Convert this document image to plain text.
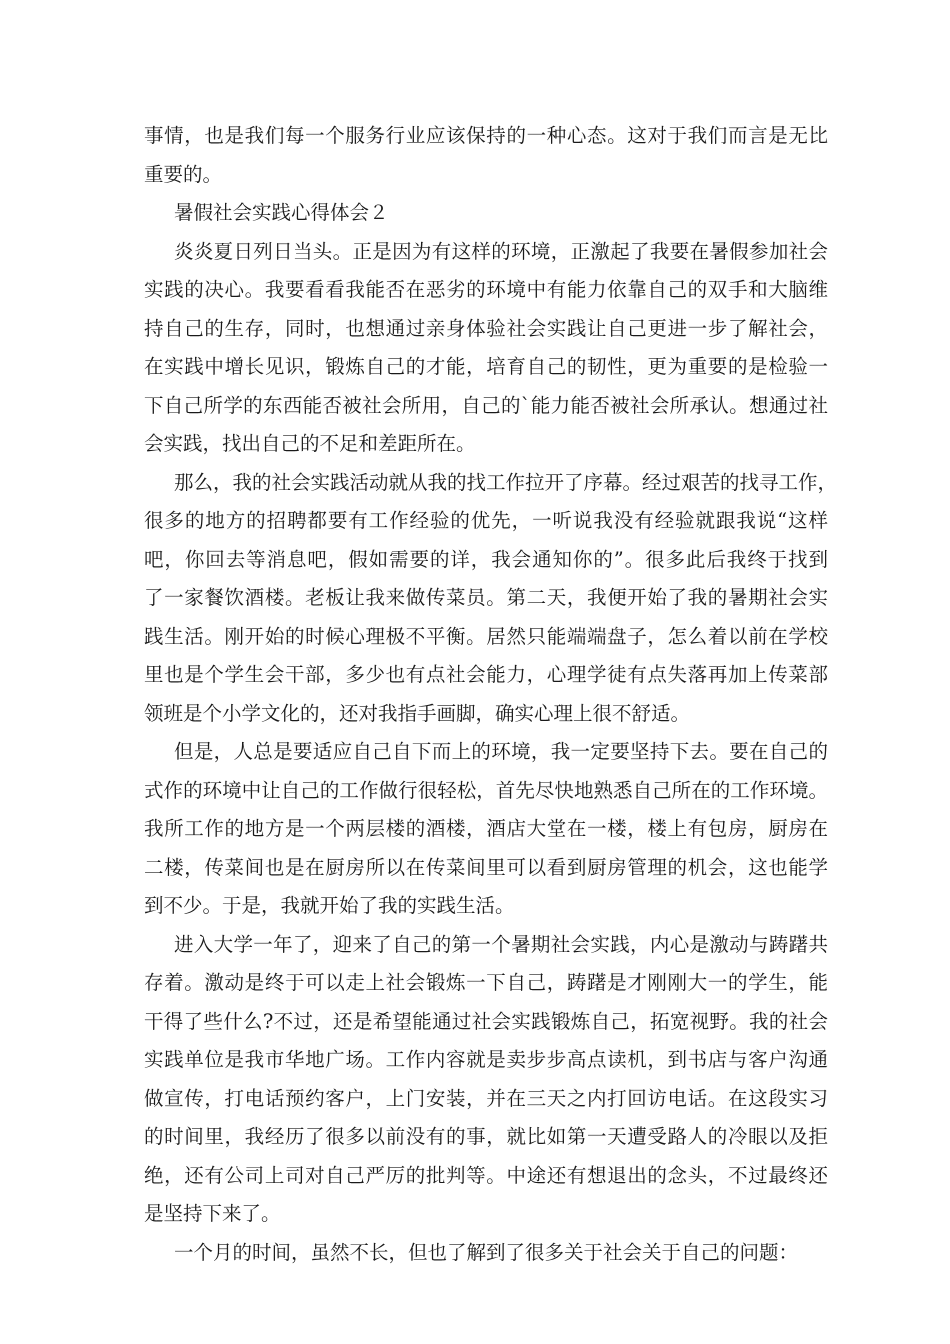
事情，也是我们每一个服务行业应该保持的一种心态。这对于我们而言是无比
重要的。
暑假社会实践心得体会２
炎炎夏日列日当头。正是因为有这样的环境，正激起了我要在暑假参加社会
实践的决心。我要看看我能否在恶劣的环境中有能力依靠自己的双手和大脑维
持自己的生存，同时，也想通过亲身体验社会实践让自己更进一步了解社会，
在实践中增长见识，锻炼自己的才能，培育自己的韧性，更为重要的是检验一
下自己所学的东西能否被社会所用，自己的`能力能否被社会所承认。想通过社
会实践，找出自己的不足和差距所在。
那么，我的社会实践活动就从我的找工作拉开了序幕。经过艰苦的找寻工作，
很多的地方的招聘都要有工作经验的优先，一听说我没有经验就跟我说“这样
吧，你回去等消息吧，假如需要的详，我会通知你的”。很多此后我终于找到
了一家餐饮酒楼。老板让我来做传菜员。第二天，我便开始了我的暑期社会实
践生活。刚开始的时候心理极不平衡。居然只能端端盘子，怎么着以前在学校
里也是个学生会干部，多少也有点社会能力，心理学徒有点失落再加上传菜部
领班是个小学文化的，还对我指手画脚，确实心理上很不舒适。
但是，人总是要适应自己自下而上的环境，我一定要坚持下去。要在自己的
式作的环境中让自己的工作做行很轻松，首先尽快地熟悉自己所在的工作环境。
我所工作的地方是一个两层楼的酒楼，酒店大堂在一楼，楼上有包房，厨房在
二楼，传菜间也是在厨房所以在传菜间里可以看到厨房管理的机会，这也能学
到不少。于是，我就开始了我的实践生活。
进入大学一年了，迎来了自己的第一个暑期社会实践，内心是激动与踌躇共
存着。激动是终于可以走上社会锻炼一下自己，踌躇是才刚刚大一的学生，能
干得了些什么?不过，还是希望能通过社会实践锻炼自己，拓宽视野。我的社会
实践单位是我市华地广场。工作内容就是卖步步高点读机，到书店与客户沟通
做宣传，打电话预约客户，上门安装，并在三天之内打回访电话。在这段实习
的时间里，我经历了很多以前没有的事，就比如第一天遭受路人的冷眼以及拒
绝，还有公司上司对自己严厉的批判等。中途还有想退出的念头，不过最终还
是坚持下来了。
一个月的时间，虽然不长，但也了解到了很多关于社会关于自己的问题：
